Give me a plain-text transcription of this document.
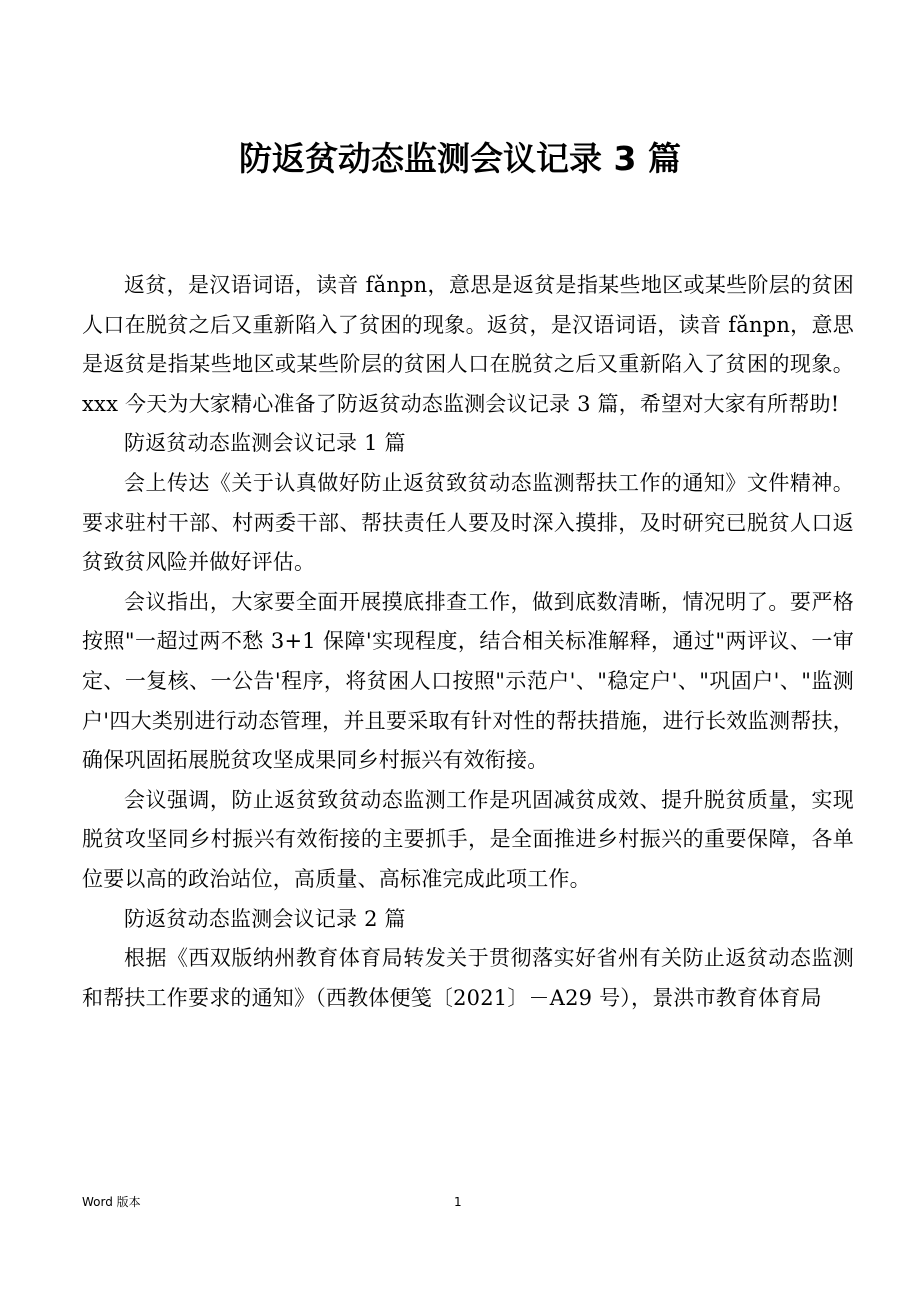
防返贫动态监测会议记录 3 篇

返贫，是汉语词语，读音 fǎnpn，意思是返贫是指某些地区或某些阶层的贫困人口在脱贫之后又重新陷入了贫困的现象。返贫，是汉语词语，读音 fǎnpn，意思是返贫是指某些地区或某些阶层的贫困人口在脱贫之后又重新陷入了贫困的现象。xxx 今天为大家精心准备了防返贫动态监测会议记录 3 篇，希望对大家有所帮助!

防返贫动态监测会议记录 1 篇

会上传达《关于认真做好防止返贫致贫动态监测帮扶工作的通知》文件精神。要求驻村干部、村两委干部、帮扶责任人要及时深入摸排，及时研究已脱贫人口返贫致贫风险并做好评估。

会议指出，大家要全面开展摸底排查工作，做到底数清晰，情况明了。要严格按照"一超过两不愁 3+1 保障'实现程度，结合相关标准解释，通过"两评议、一审定、一复核、一公告'程序，将贫困人口按照"示范户'、"稳定户'、"巩固户'、"监测户'四大类别进行动态管理，并且要采取有针对性的帮扶措施，进行长效监测帮扶，确保巩固拓展脱贫攻坚成果同乡村振兴有效衔接。

会议强调，防止返贫致贫动态监测工作是巩固减贫成效、提升脱贫质量，实现脱贫攻坚同乡村振兴有效衔接的主要抓手，是全面推进乡村振兴的重要保障，各单位要以高的政治站位，高质量、高标准完成此项工作。

防返贫动态监测会议记录 2 篇

根据《西双版纳州教育体育局转发关于贯彻落实好省州有关防止返贫动态监测和帮扶工作要求的通知》（西教体便笺〔2021〕－A29 号），景洪市教育体育局

Word 版本	1
